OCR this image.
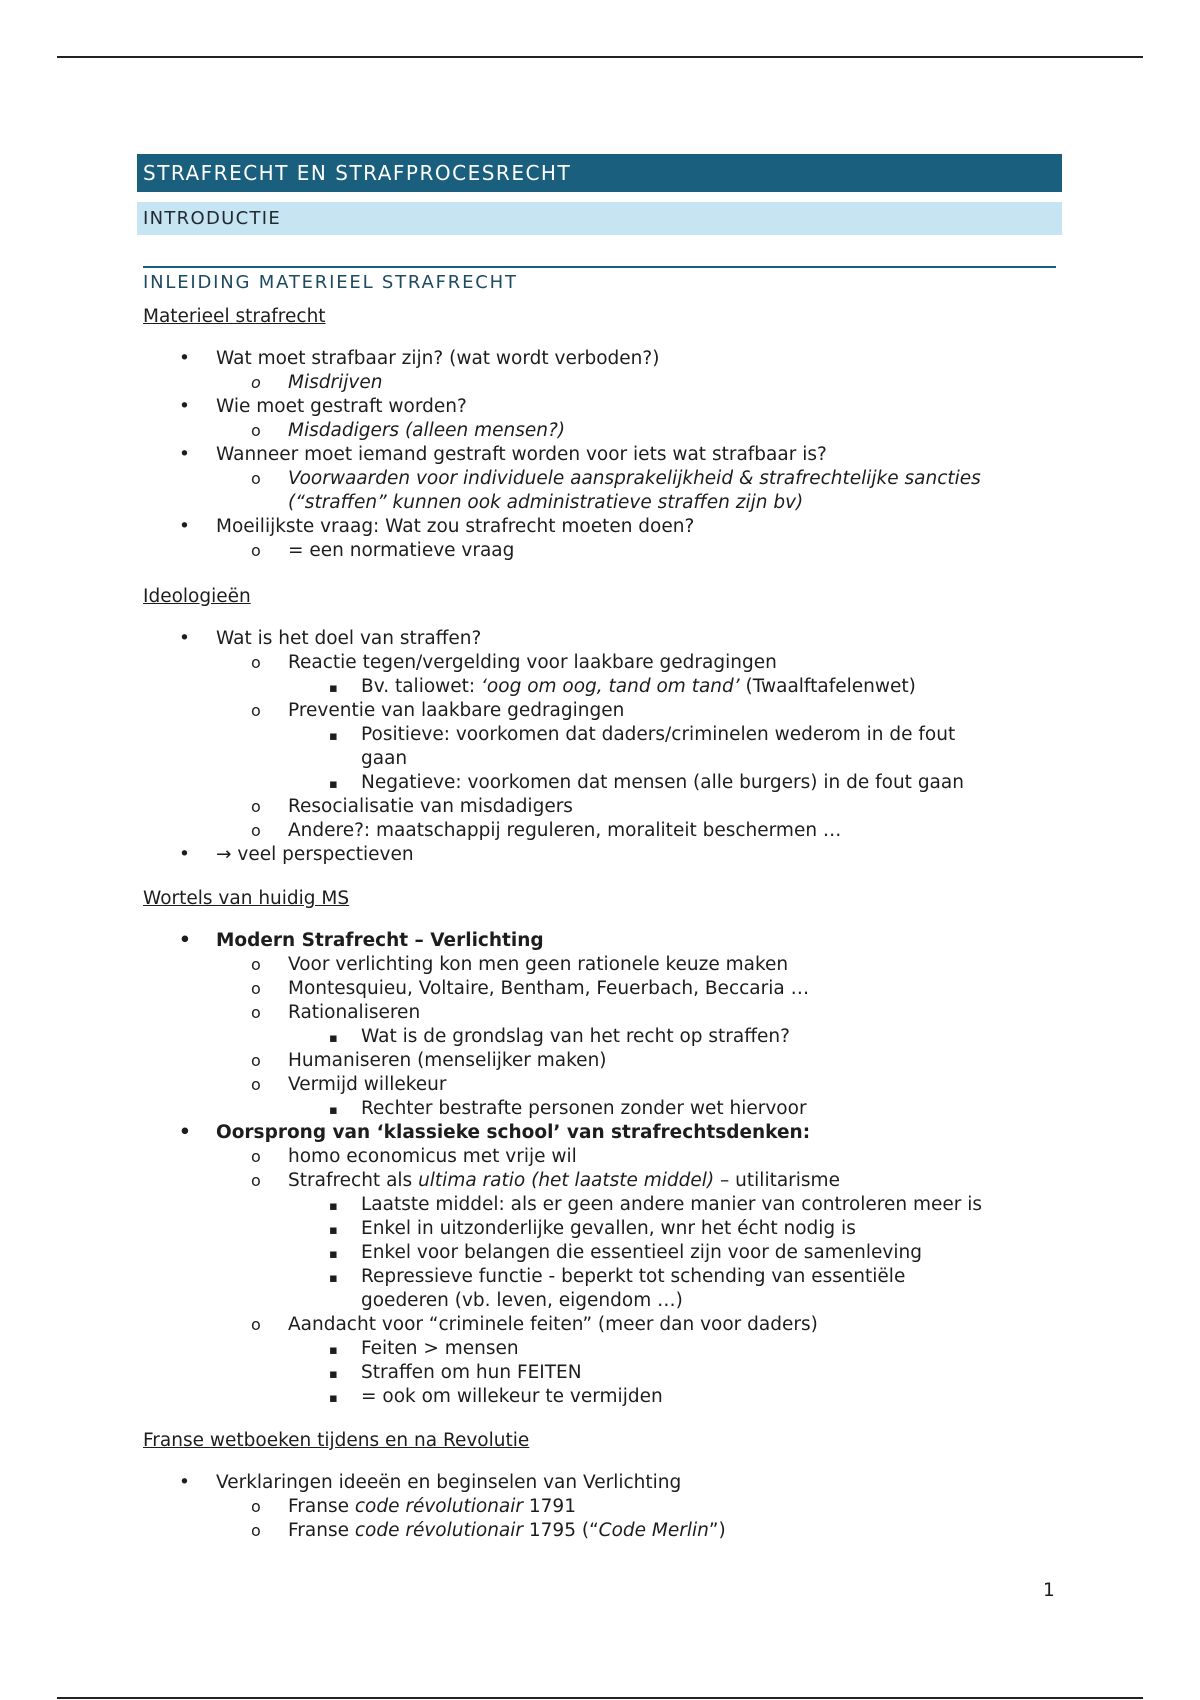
STRAFRECHT EN STRAFPROCESRECHT
INTRODUCTIE
INLEIDING MATERIEEL STRAFRECHT

Materieel strafrecht

• Wat moet strafbaar zijn? (wat wordt verboden?)
o Misdrijven
• Wie moet gestraft worden?
o Misdadigers (alleen mensen?)
• Wanneer moet iemand gestraft worden voor iets wat strafbaar is?
o Voorwaarden voor individuele aansprakelijkheid & strafrechtelijke sancties
(“straffen” kunnen ook administratieve straffen zijn bv)
• Moeilijkste vraag: Wat zou strafrecht moeten doen?
o = een normatieve vraag

Ideologieën

• Wat is het doel van straffen?
o Reactie tegen/vergelding voor laakbare gedragingen
▪ Bv. taliowet: ‘oog om oog, tand om tand’ (Twaalftafelenwet)
o Preventie van laakbare gedragingen
▪ Positieve: voorkomen dat daders/criminelen wederom in de fout
gaan
▪ Negatieve: voorkomen dat mensen (alle burgers) in de fout gaan
o Resocialisatie van misdadigers
o Andere?: maatschappij reguleren, moraliteit beschermen …
• → veel perspectieven

Wortels van huidig MS

• Modern Strafrecht – Verlichting
o Voor verlichting kon men geen rationele keuze maken
o Montesquieu, Voltaire, Bentham, Feuerbach, Beccaria …
o Rationaliseren
▪ Wat is de grondslag van het recht op straffen?
o Humaniseren (menselijker maken)
o Vermijd willekeur
▪ Rechter bestrafte personen zonder wet hiervoor
• Oorsprong van ‘klassieke school’ van strafrechtsdenken:
o homo economicus met vrije wil
o Strafrecht als ultima ratio (het laatste middel) – utilitarisme
▪ Laatste middel: als er geen andere manier van controleren meer is
▪ Enkel in uitzonderlijke gevallen, wnr het écht nodig is
▪ Enkel voor belangen die essentieel zijn voor de samenleving
▪ Repressieve functie - beperkt tot schending van essentiële
goederen (vb. leven, eigendom …)
o Aandacht voor “criminele feiten” (meer dan voor daders)
▪ Feiten > mensen
▪ Straffen om hun FEITEN
▪ = ook om willekeur te vermijden

Franse wetboeken tijdens en na Revolutie

• Verklaringen ideeën en beginselen van Verlichting
o Franse code révolutionair 1791
o Franse code révolutionair 1795 (“Code Merlin”)
1
